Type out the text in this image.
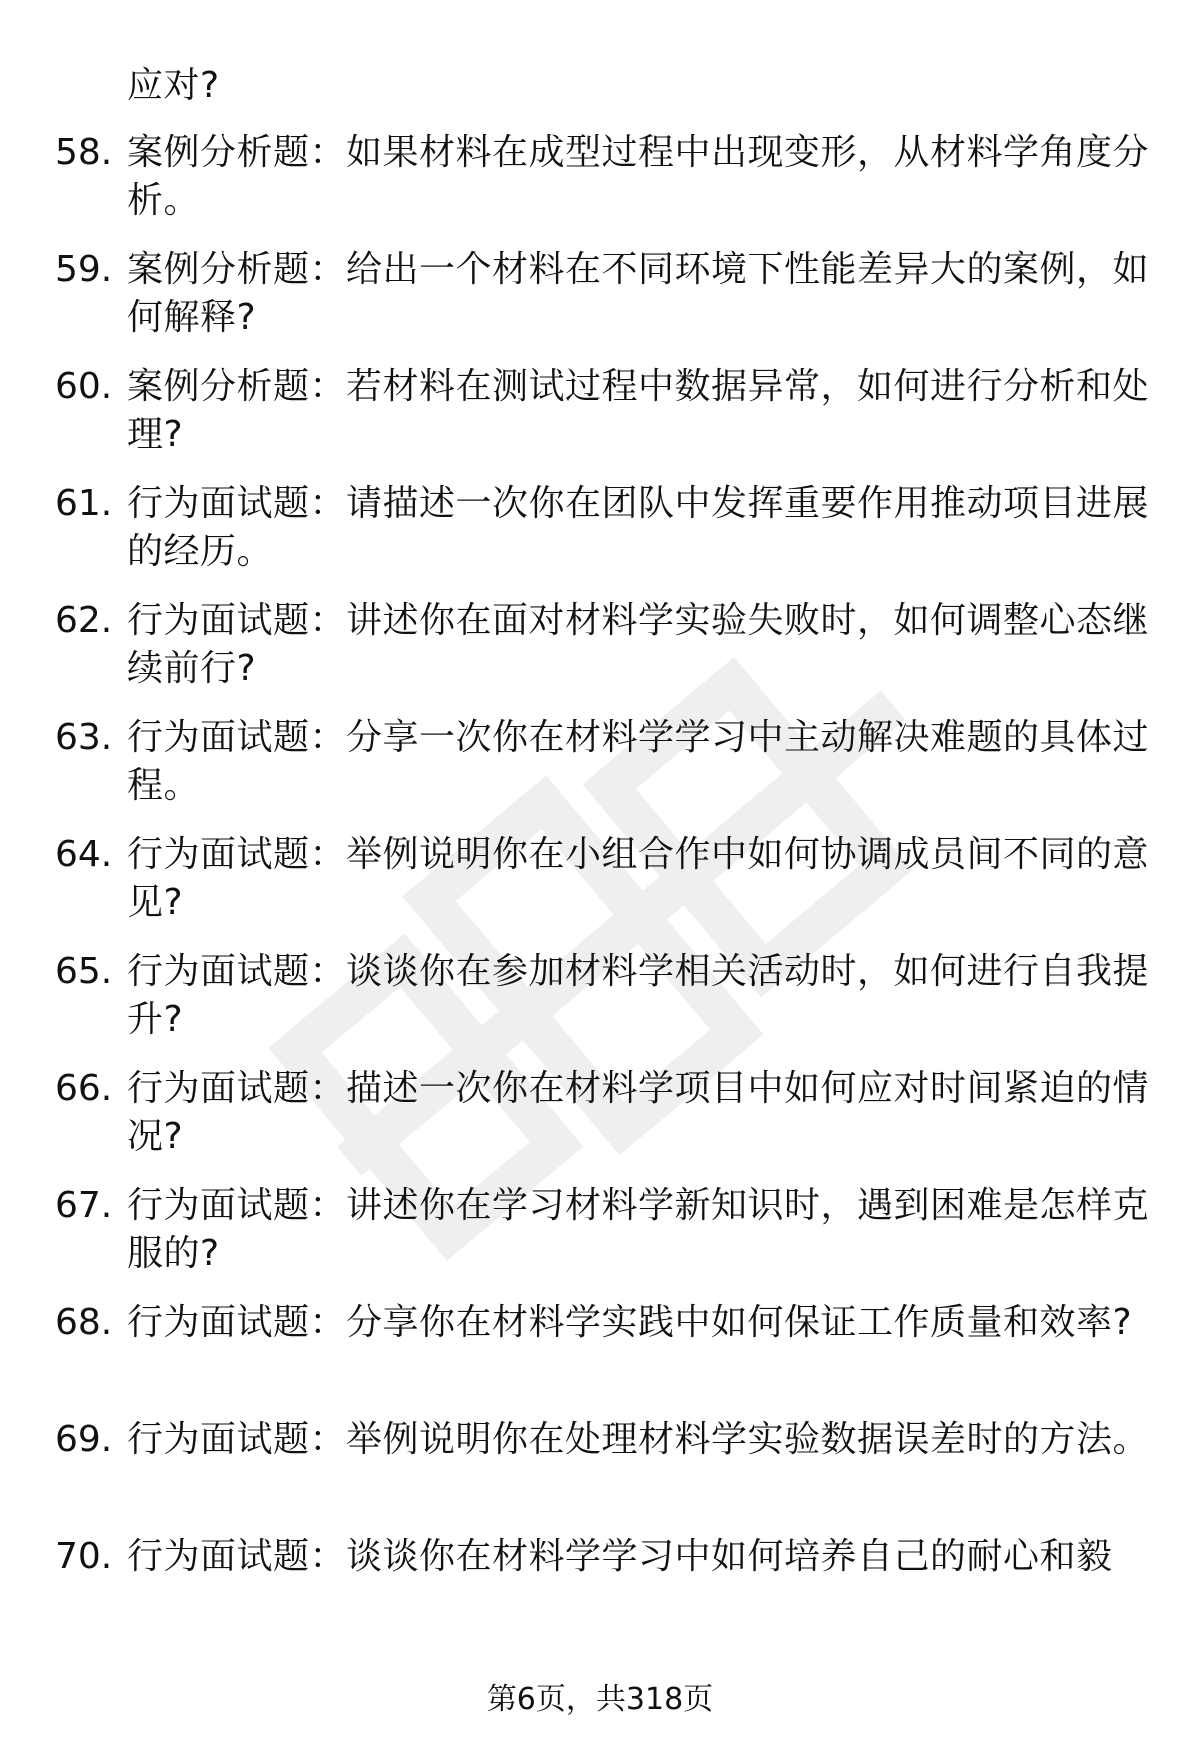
应对?
58. 案例分析题：如果材料在成型过程中出现变形，从材料学角度分
析。
59. 案例分析题：给出一个材料在不同环境下性能差异大的案例，如
何解释?
60. 案例分析题：若材料在测试过程中数据异常，如何进行分析和处
理?
61. 行为面试题：请描述一次你在团队中发挥重要作用推动项目进展
的经历。
62. 行为面试题：讲述你在面对材料学实验失败时，如何调整心态继
续前行?
63. 行为面试题：分享一次你在材料学学习中主动解决难题的具体过
程。
64. 行为面试题：举例说明你在小组合作中如何协调成员间不同的意
见?
65. 行为面试题：谈谈你在参加材料学相关活动时，如何进行自我提
升?
66. 行为面试题：描述一次你在材料学项目中如何应对时间紧迫的情
况?
67. 行为面试题：讲述你在学习材料学新知识时，遇到困难是怎样克
服的?
68. 行为面试题：分享你在材料学实践中如何保证工作质量和效率?
69. 行为面试题：举例说明你在处理材料学实验数据误差时的方法。
70. 行为面试题：谈谈你在材料学学习中如何培养自己的耐心和毅
第6页，共318页
